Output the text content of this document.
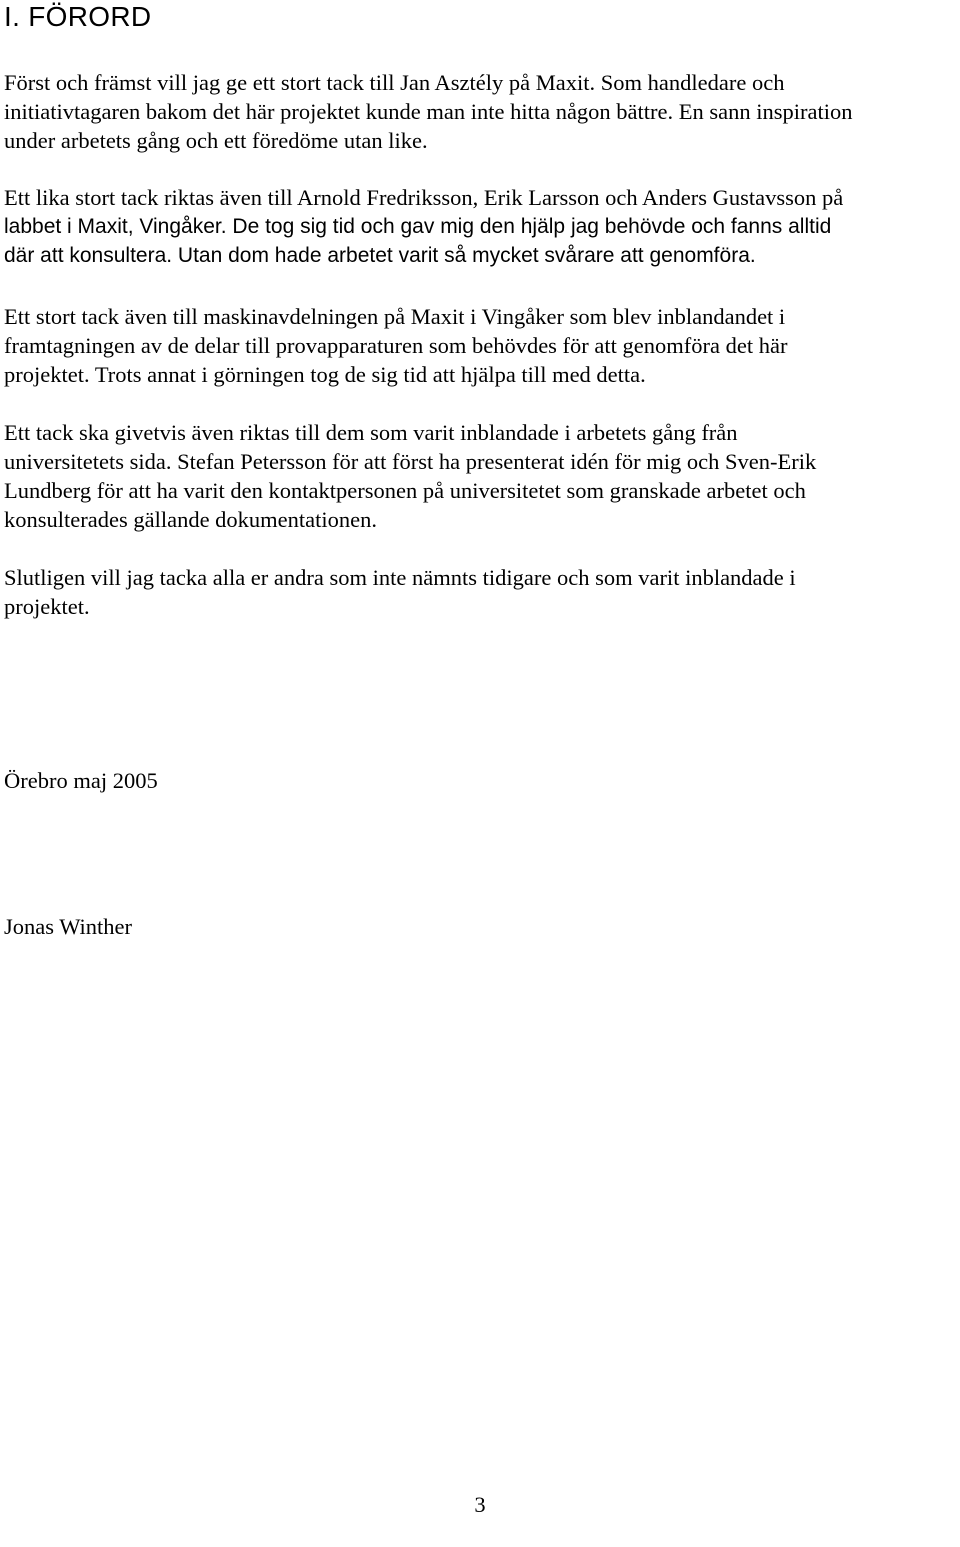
I. FÖRORD

Först och främst vill jag ge ett stort tack till Jan Asztély på Maxit. Som handledare och
initiativtagaren bakom det här projektet kunde man inte hitta någon bättre. En sann inspiration
under arbetets gång och ett föredöme utan like.

Ett lika stort tack riktas även till Arnold Fredriksson, Erik Larsson och Anders Gustavsson på
labbet i Maxit, Vingåker. De tog sig tid och gav mig den hjälp jag behövde och fanns alltid
där att konsultera. Utan dom hade arbetet varit så mycket svårare att genomföra.

Ett stort tack även till maskinavdelningen på Maxit i Vingåker som blev inblandandet i
framtagningen av de delar till provapparaturen som behövdes för att genomföra det här
projektet. Trots annat i görningen tog de sig tid att hjälpa till med detta.

Ett tack ska givetvis även riktas till dem som varit inblandade i arbetets gång från
universitetets sida. Stefan Petersson för att först ha presenterat idén för mig och Sven-Erik
Lundberg för att ha varit den kontaktpersonen på universitetet som granskade arbetet och
konsulterades gällande dokumentationen.

Slutligen vill jag tacka alla er andra som inte nämnts tidigare och som varit inblandade i
projektet.

Örebro maj 2005

Jonas Winther

3
